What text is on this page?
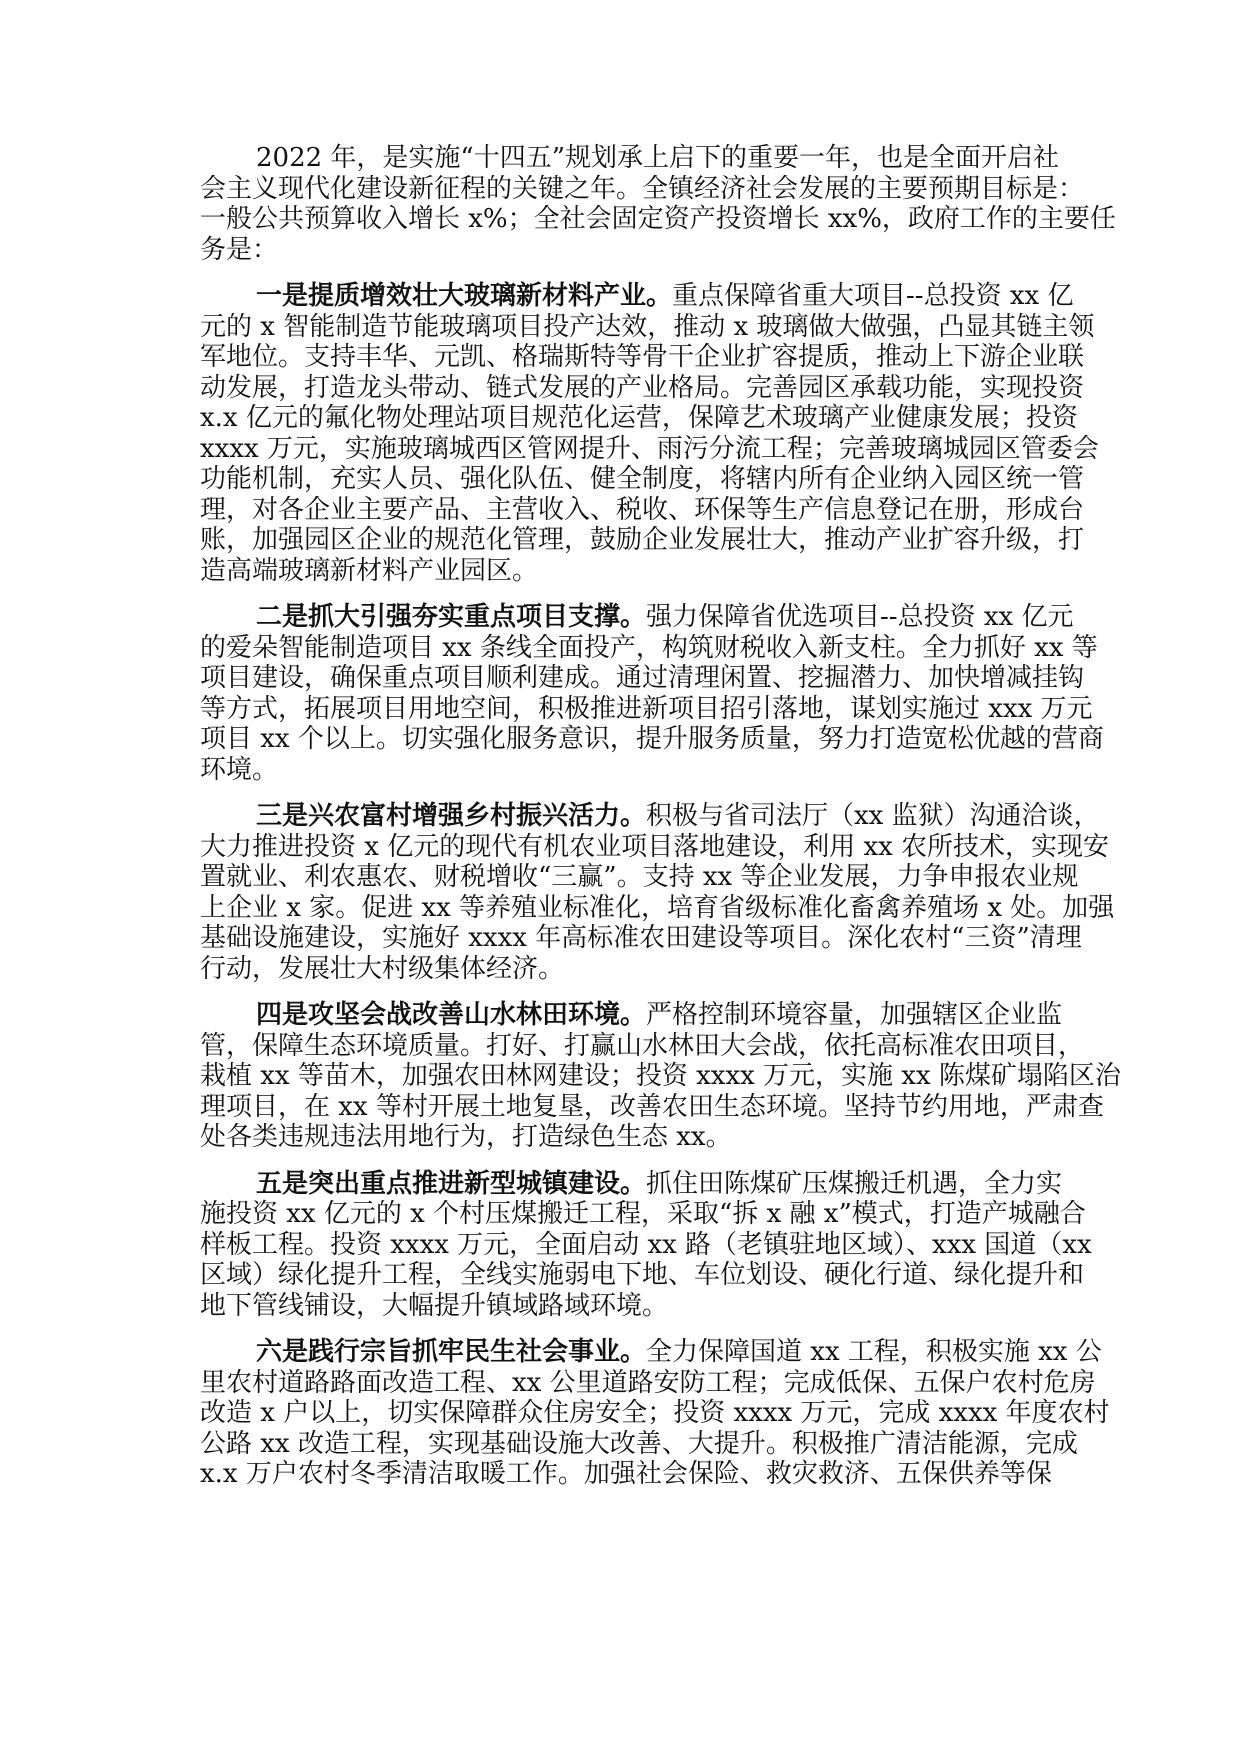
2022 年，是实施“十四五”规划承上启下的重要一年，也是全面开启社
会主义现代化建设新征程的关键之年。全镇经济社会发展的主要预期目标是：
一般公共预算收入增长 x%；全社会固定资产投资增长 xx%，政府工作的主要任
务是：
一是提质增效壮大玻璃新材料产业。重点保障省重大项目--总投资 xx 亿
元的 x 智能制造节能玻璃项目投产达效，推动 x 玻璃做大做强，凸显其链主领
军地位。支持丰华、元凯、格瑞斯特等骨干企业扩容提质，推动上下游企业联
动发展，打造龙头带动、链式发展的产业格局。完善园区承载功能，实现投资
x.x 亿元的氟化物处理站项目规范化运营，保障艺术玻璃产业健康发展；投资
xxxx 万元，实施玻璃城西区管网提升、雨污分流工程；完善玻璃城园区管委会
功能机制，充实人员、强化队伍、健全制度，将辖内所有企业纳入园区统一管
理，对各企业主要产品、主营收入、税收、环保等生产信息登记在册，形成台
账，加强园区企业的规范化管理，鼓励企业发展壮大，推动产业扩容升级，打
造高端玻璃新材料产业园区。
二是抓大引强夯实重点项目支撑。强力保障省优选项目--总投资 xx 亿元
的爱朵智能制造项目 xx 条线全面投产，构筑财税收入新支柱。全力抓好 xx 等
项目建设，确保重点项目顺利建成。通过清理闲置、挖掘潜力、加快增减挂钩
等方式，拓展项目用地空间，积极推进新项目招引落地，谋划实施过 xxx 万元
项目 xx 个以上。切实强化服务意识，提升服务质量，努力打造宽松优越的营商
环境。
三是兴农富村增强乡村振兴活力。积极与省司法厅（xx 监狱）沟通洽谈，
大力推进投资 x 亿元的现代有机农业项目落地建设，利用 xx 农所技术，实现安
置就业、利农惠农、财税增收“三赢”。支持 xx 等企业发展，力争申报农业规
上企业 x 家。促进 xx 等养殖业标准化，培育省级标准化畜禽养殖场 x 处。加强
基础设施建设，实施好 xxxx 年高标准农田建设等项目。深化农村“三资”清理
行动，发展壮大村级集体经济。
四是攻坚会战改善山水林田环境。严格控制环境容量，加强辖区企业监
管，保障生态环境质量。打好、打赢山水林田大会战，依托高标准农田项目，
栽植 xx 等苗木，加强农田林网建设；投资 xxxx 万元，实施 xx 陈煤矿塌陷区治
理项目，在 xx 等村开展土地复垦，改善农田生态环境。坚持节约用地，严肃查
处各类违规违法用地行为，打造绿色生态 xx。
五是突出重点推进新型城镇建设。抓住田陈煤矿压煤搬迁机遇，全力实
施投资 xx 亿元的 x 个村压煤搬迁工程，采取“拆 x 融 x”模式，打造产城融合
样板工程。投资 xxxx 万元，全面启动 xx 路（老镇驻地区域）、xxx 国道（xx
区域）绿化提升工程，全线实施弱电下地、车位划设、硬化行道、绿化提升和
地下管线铺设，大幅提升镇域路域环境。
六是践行宗旨抓牢民生社会事业。全力保障国道 xx 工程，积极实施 xx 公
里农村道路路面改造工程、xx 公里道路安防工程；完成低保、五保户农村危房
改造 x 户以上，切实保障群众住房安全；投资 xxxx 万元，完成 xxxx 年度农村
公路 xx 改造工程，实现基础设施大改善、大提升。积极推广清洁能源，完成
x.x 万户农村冬季清洁取暖工作。加强社会保险、救灾救济、五保供养等保
